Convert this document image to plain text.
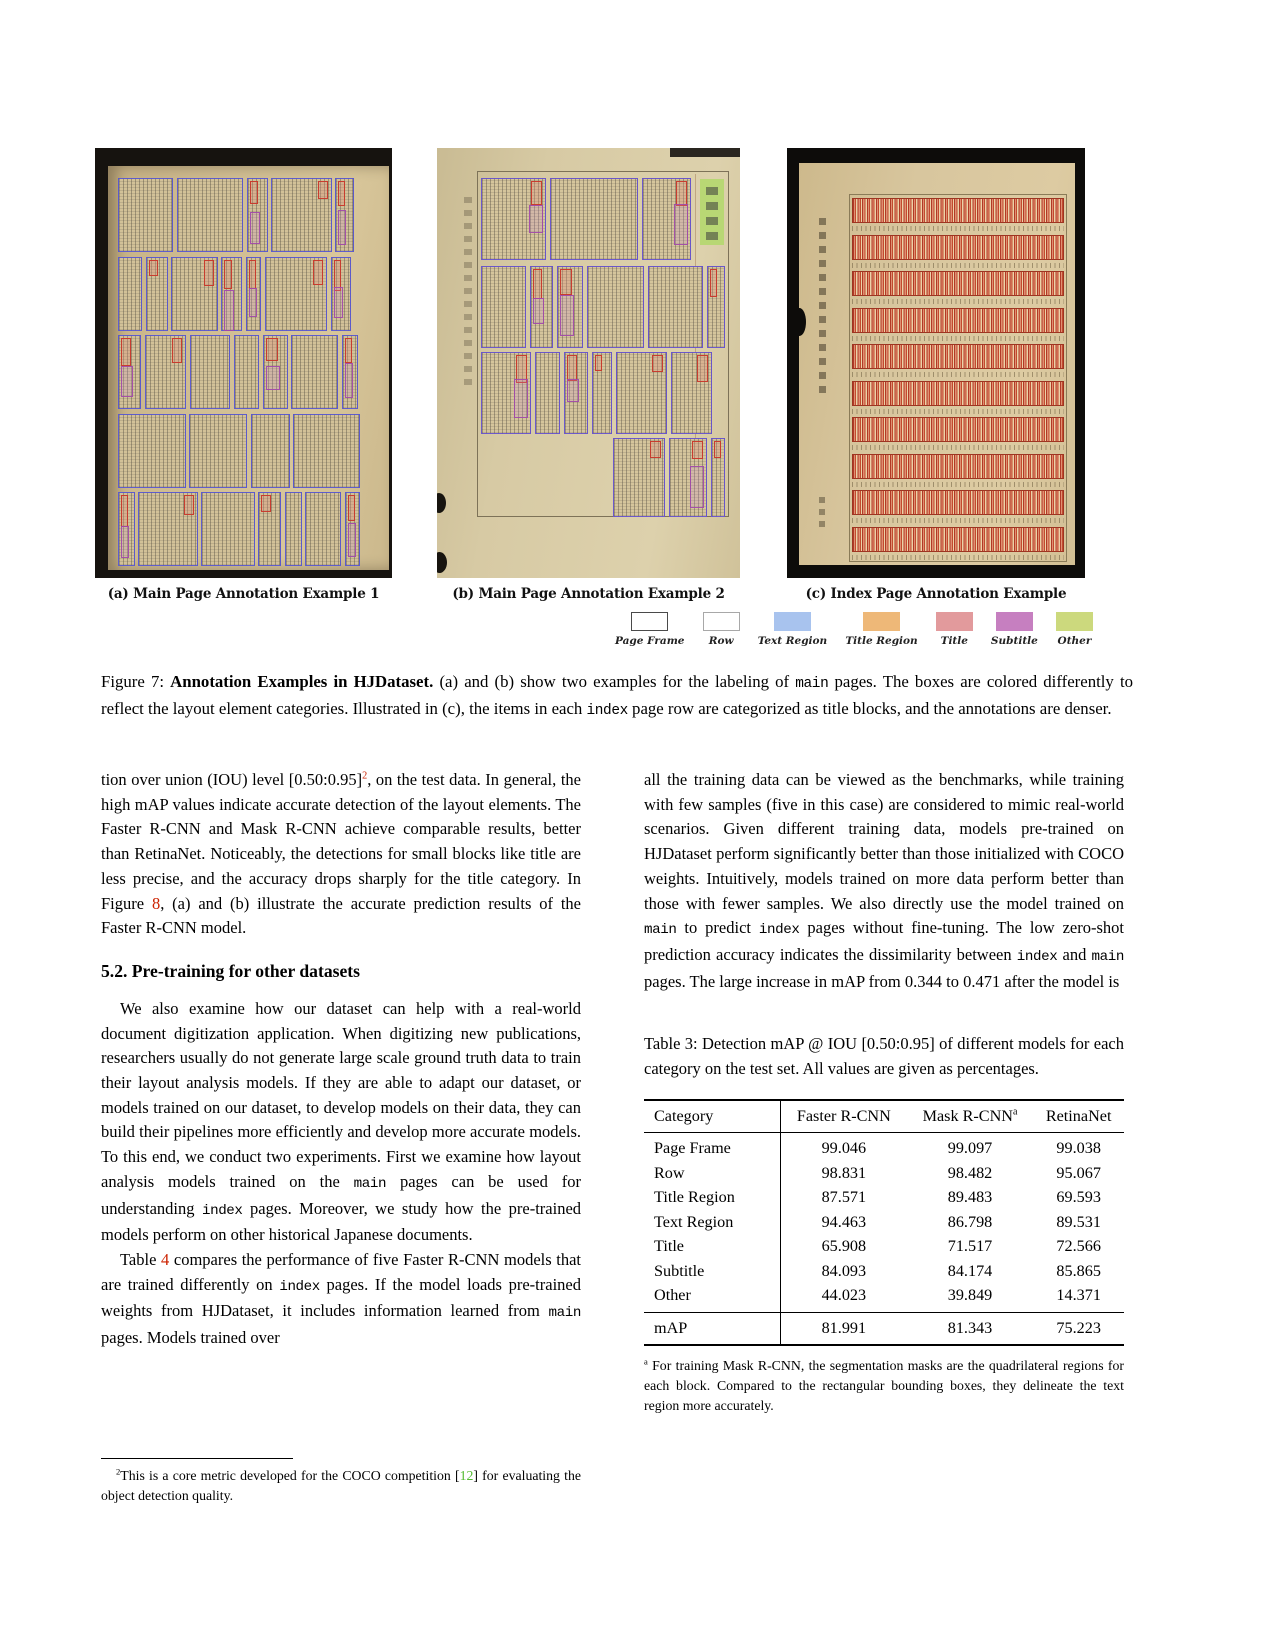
(a) Main Page Annotation Example 1	(b) Main Page Annotation Example 2	(c) Index Page Annotation Example
Page Frame	Row	Text Region Title Region	Title	Subtitle Other
Figure 7: Annotation Examples in HJDataset. (a) and (b) show two examples for the labeling of main pages. The boxes are colored differently to reflect the layout element categories. Illustrated in (c), the items in each index page row are categorized as title blocks, and the annotations are denser.

tion over union (IOU) level [0.50:0.95]$^2$, on the test data. In general, the high mAP values indicate accurate detection of the layout elements. The Faster R-CNN and Mask R-CNN achieve comparable results, better than RetinaNet. Noticeably, the detections for small blocks like title are less precise, and the accuracy drops sharply for the title category. In Figure 8, (a) and (b) illustrate the accurate prediction results of the Faster R-CNN model.

5.2. Pre-training for other datasets

We also examine how our dataset can help with a real-world document digitization application. When digitizing new publications, researchers usually do not generate large scale ground truth data to train their layout analysis models. If they are able to adapt our dataset, or models trained on our dataset, to develop models on their data, they can build their pipelines more efficiently and develop more accurate models. To this end, we conduct two experiments. First we examine how layout analysis models trained on the main pages can be used for understanding index pages. Moreover, we study how the pre-trained models perform on other historical Japanese documents.

Table 4 compares the performance of five Faster R-CNN models that are trained differently on index pages. If the model loads pre-trained weights from HJDataset, it includes information learned from main pages. Models trained over

$^2$This is a core metric developed for the COCO competition [12] for evaluating the object detection quality.

all the training data can be viewed as the benchmarks, while training with few samples (five in this case) are considered to mimic real-world scenarios. Given different training data, models pre-trained on HJDataset perform significantly better than those initialized with COCO weights. Intuitively, models trained on more data perform better than those with fewer samples. We also directly use the model trained on main to predict index pages without fine-tuning. The low zero-shot prediction accuracy indicates the dissimilarity between index and main pages. The large increase in mAP from 0.344 to 0.471 after the model is

Table 3: Detection mAP @ IOU [0.50:0.95] of different models for each category on the test set. All values are given as percentages.

Category	Faster R-CNN	Mask R-CNN$^a$	RetinaNet
Page Frame	99.046	99.097	99.038
Row	98.831	98.482	95.067
Title Region	87.571	89.483	69.593
Text Region	94.463	86.798	89.531
Title	65.908	71.517	72.566
Subtitle	84.093	84.174	85.865
Other	44.023	39.849	14.371
mAP	81.991	81.343	75.223

$^a$ For training Mask R-CNN, the segmentation masks are the quadrilateral regions for each block. Compared to the rectangular bounding boxes, they delineate the text region more accurately.
